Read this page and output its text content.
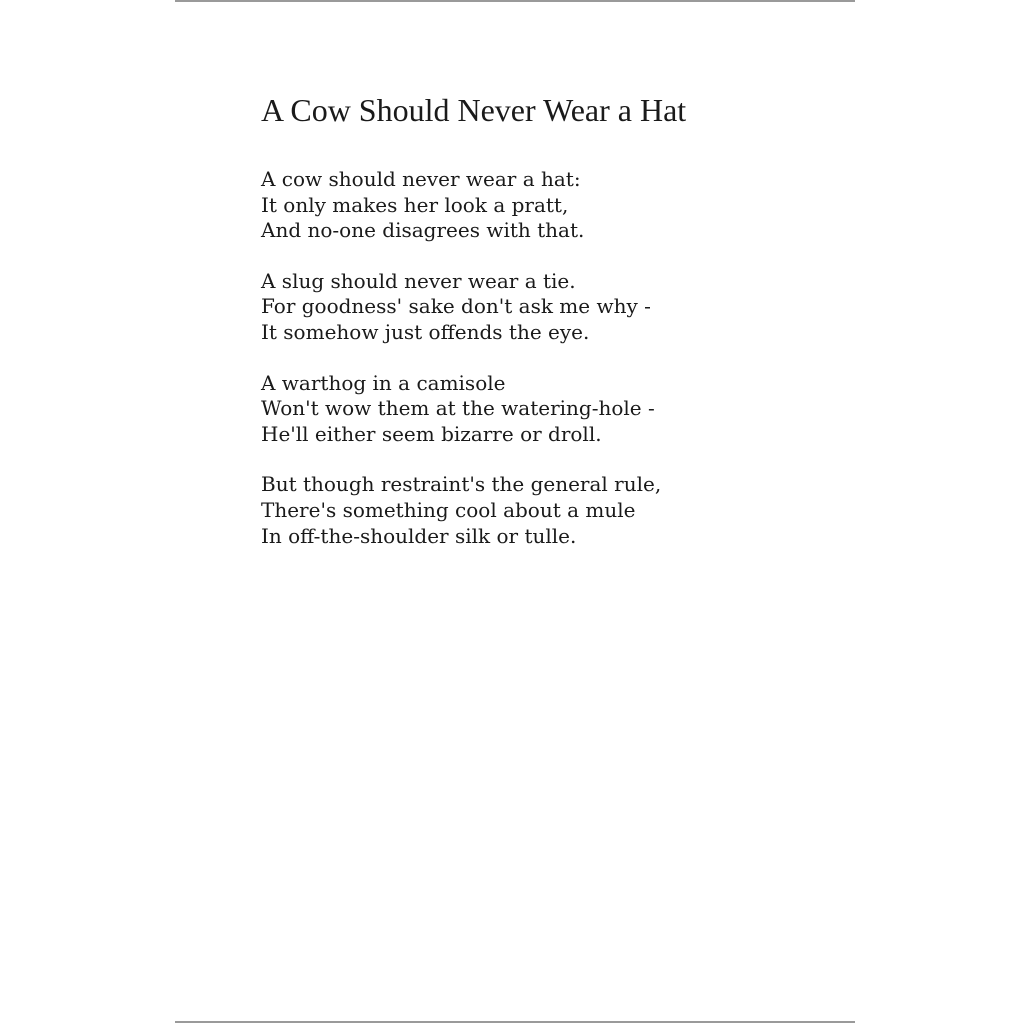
A Cow Should Never Wear a Hat

A cow should never wear a hat:
It only makes her look a pratt,
And no-one disagrees with that.

A slug should never wear a tie.
For goodness' sake don't ask me why -
It somehow just offends the eye.

A warthog in a camisole
Won't wow them at the watering-hole -
He'll either seem bizarre or droll.

But though restraint's the general rule,
There's something cool about a mule
In off-the-shoulder silk or tulle.
